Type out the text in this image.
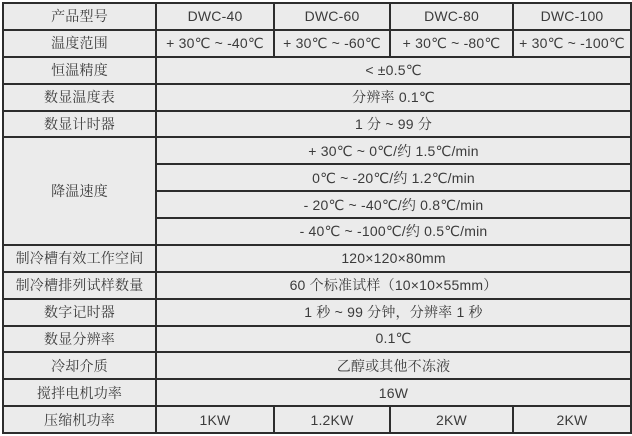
产品型号	DWC-40	DWC-60	DWC-80	DWC-100
温度范围	+ 30℃ ~ -40℃	+ 30℃ ~ -60℃	+ 30℃ ~ -80℃	+ 30℃ ~ -100℃
恒温精度	< ±0.5℃			
数显温度表	分辨率 0.1℃			
数显计时器	1 分 ~ 99 分			
降温速度	+ 30℃ ~ 0℃/约 1.5℃/min			
	0℃ ~ -20℃/约 1.2℃/min			
	- 20℃ ~ -40℃/约 0.8℃/min			
	- 40℃ ~ -100℃/约 0.5℃/min			
制冷槽有效工作空间	120×120×80mm			
制冷槽排列试样数量	60 个标准试样（10×10×55mm）			
数字记时器	1 秒 ~ 99 分钟，分辨率 1 秒			
数显分辨率	0.1℃			
冷却介质	乙醇或其他不冻液			
搅拌电机功率	16W			
压缩机功率	1KW	1.2KW	2KW	2KW
